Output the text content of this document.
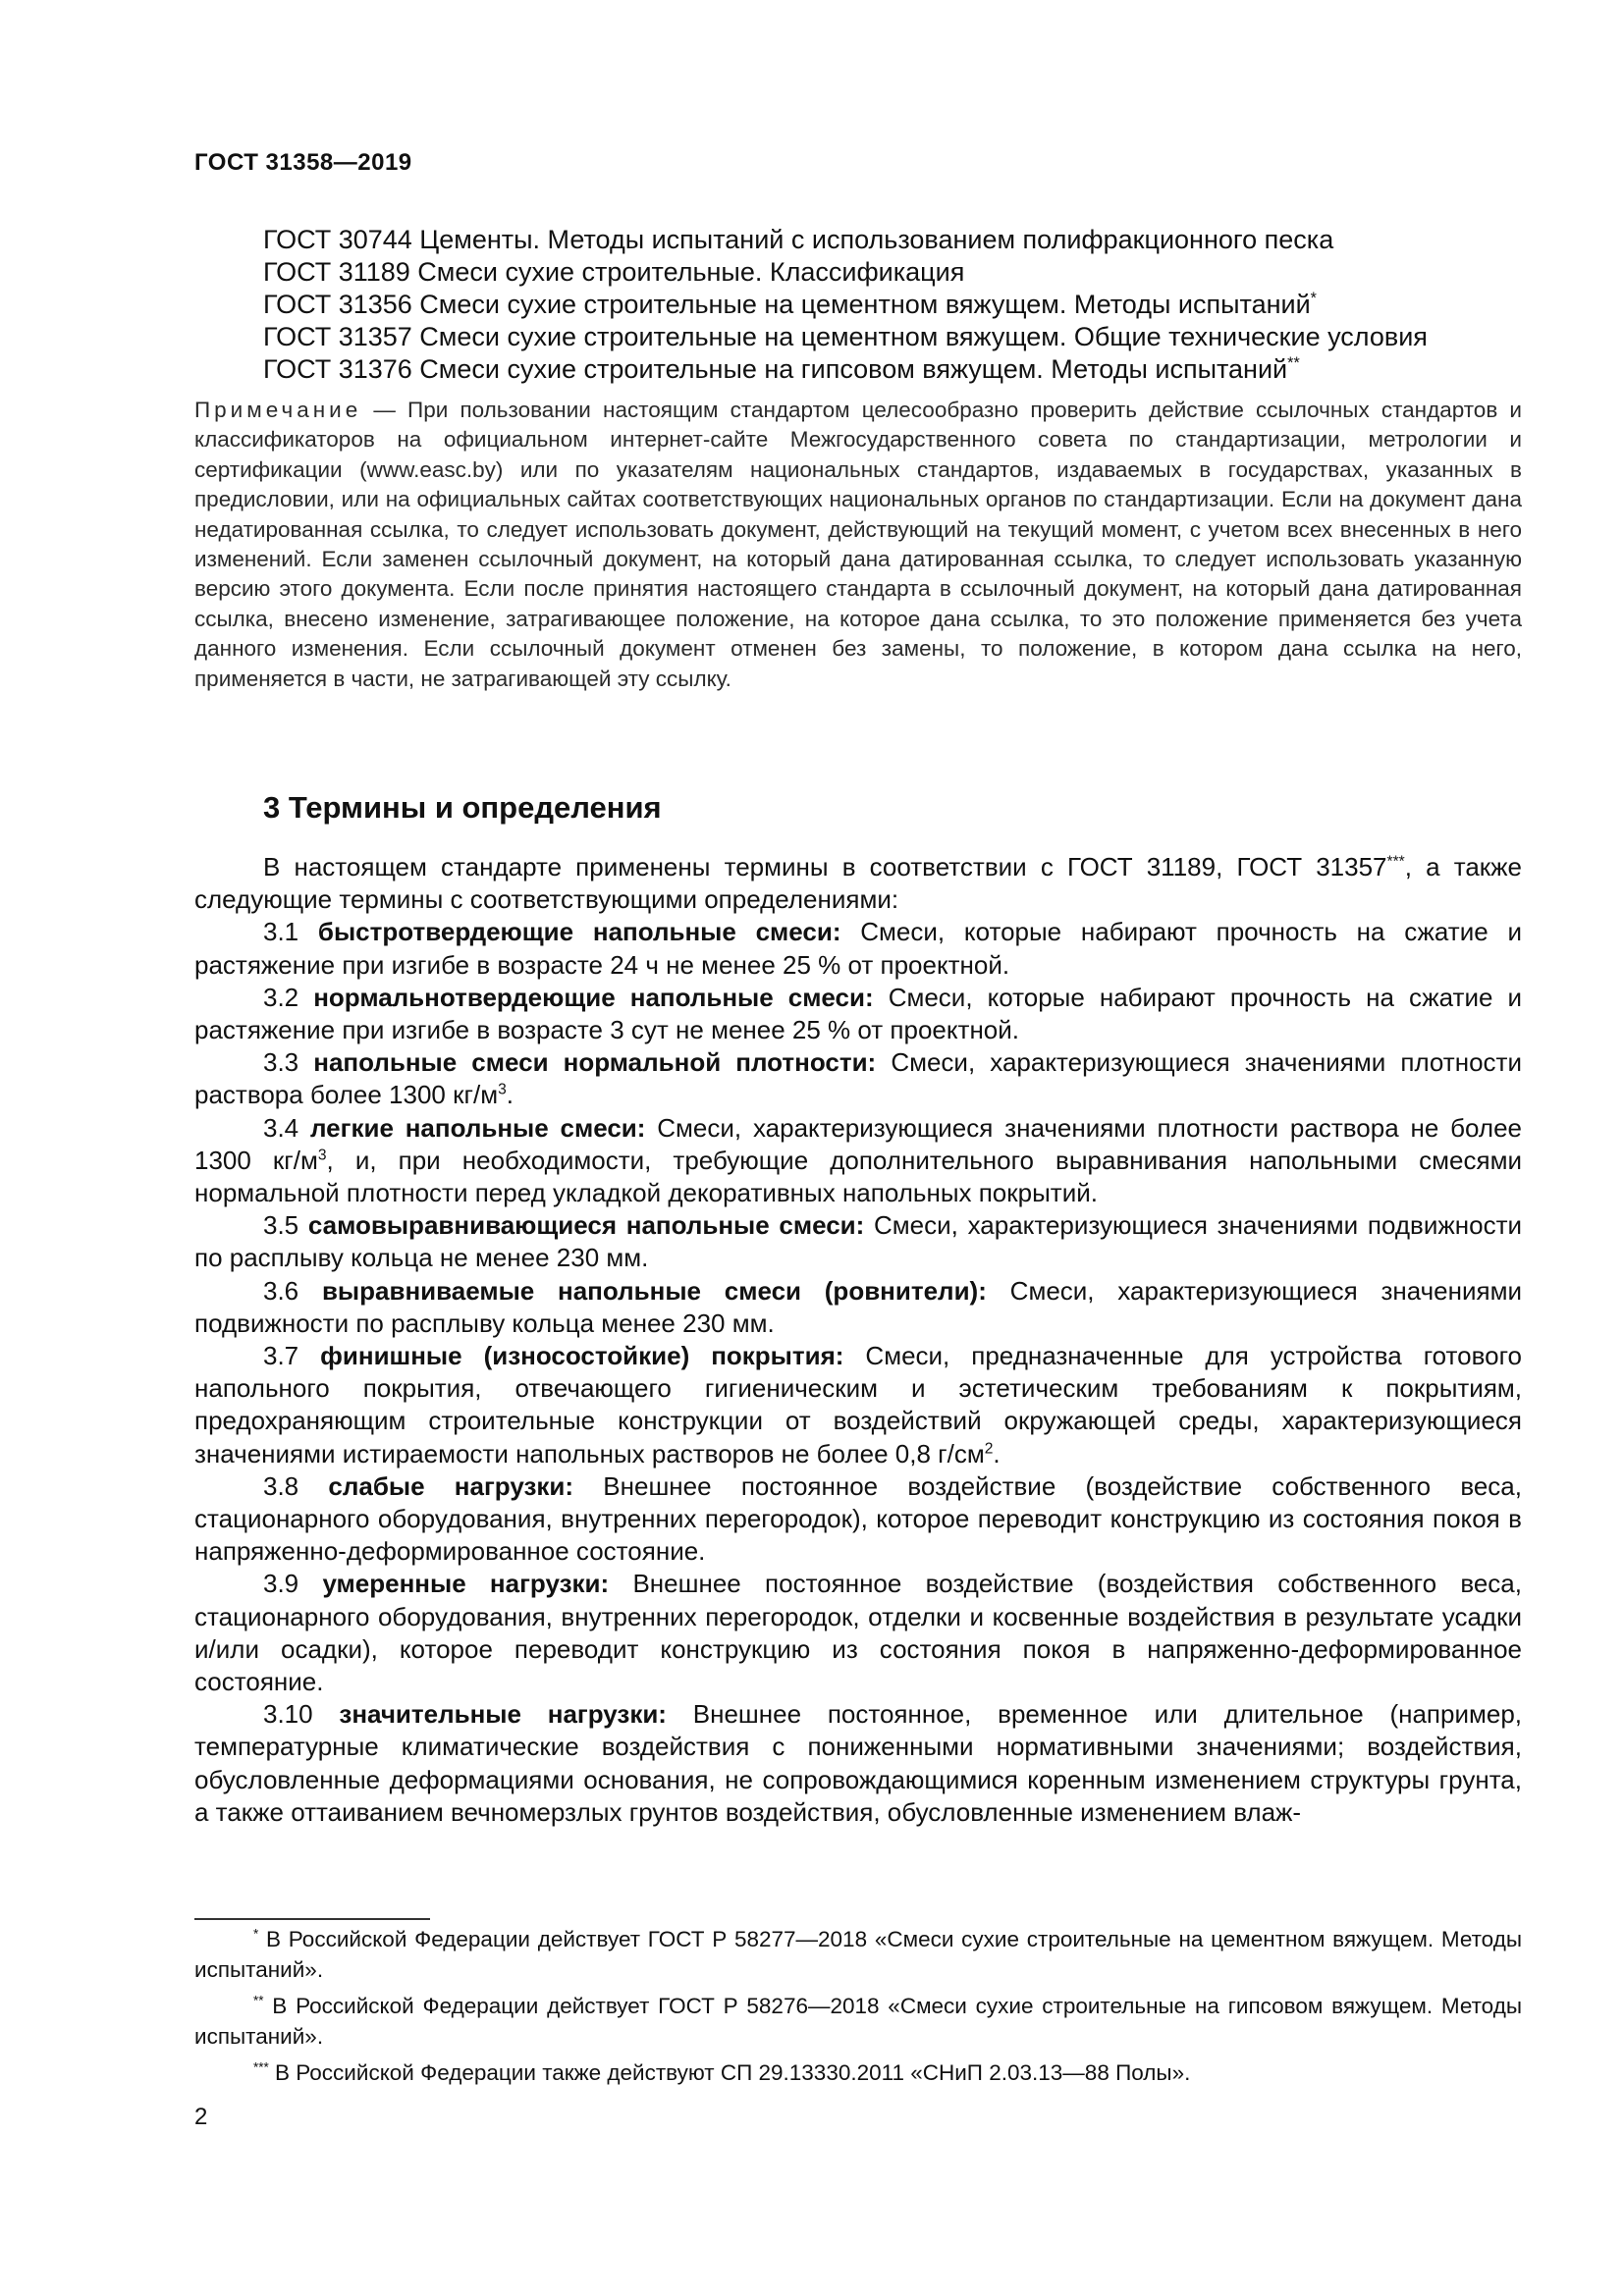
ГОСТ 31358—2019
ГОСТ 30744 Цементы. Методы испытаний с использованием полифракционного песка
ГОСТ 31189 Смеси сухие строительные. Классификация
ГОСТ 31356 Смеси сухие строительные на цементном вяжущем. Методы испытаний*
ГОСТ 31357 Смеси сухие строительные на цементном вяжущем. Общие технические условия
ГОСТ 31376 Смеси сухие строительные на гипсовом вяжущем. Методы испытаний**
Примечание — При пользовании настоящим стандартом целесообразно проверить действие ссылочных стандартов и классификаторов на официальном интернет-сайте Межгосударственного совета по стандартизации, метрологии и сертификации (www.easc.by) или по указателям национальных стандартов, издаваемых в государствах, указанных в предисловии, или на официальных сайтах соответствующих национальных органов по стандартизации. Если на документ дана недатированная ссылка, то следует использовать документ, действующий на текущий момент, с учетом всех внесенных в него изменений. Если заменен ссылочный документ, на который дана датированная ссылка, то следует использовать указанную версию этого документа. Если после принятия настоящего стандарта в ссылочный документ, на который дана датированная ссылка, внесено изменение, затрагивающее положение, на которое дана ссылка, то это положение применяется без учета данного изменения. Если ссылочный документ отменен без замены, то положение, в котором дана ссылка на него, применяется в части, не затрагивающей эту ссылку.
3 Термины и определения

В настоящем стандарте применены термины в соответствии с ГОСТ 31189, ГОСТ 31357***, а также следующие термины с соответствующими определениями:

3.1 быстротвердеющие напольные смеси: Смеси, которые набирают прочность на сжатие и растяжение при изгибе в возрасте 24 ч не менее 25 % от проектной.

3.2 нормальнотвердеющие напольные смеси: Смеси, которые набирают прочность на сжатие и растяжение при изгибе в возрасте 3 сут не менее 25 % от проектной.

3.3 напольные смеси нормальной плотности: Смеси, характеризующиеся значениями плотности раствора более 1300 $кг/м^3$.

3.4 легкие напольные смеси: Смеси, характеризующиеся значениями плотности раствора не более 1300 $кг/м^3$, и, при необходимости, требующие дополнительного выравнивания напольными смесями нормальной плотности перед укладкой декоративных напольных покрытий.

3.5 самовыравнивающиеся напольные смеси: Смеси, характеризующиеся значениями подвижности по расплыву кольца не менее 230 мм.

3.6 выравниваемые напольные смеси (ровнители): Смеси, характеризующиеся значениями подвижности по расплыву кольца менее 230 мм.

3.7 финишные (износостойкие) покрытия: Смеси, предназначенные для устройства готового напольного покрытия, отвечающего гигиеническим и эстетическим требованиям к покрытиям, предохраняющим строительные конструкции от воздействий окружающей среды, характеризующиеся значениями истираемости напольных растворов не более 0,8 $г/см^2$.

3.8 слабые нагрузки: Внешнее постоянное воздействие (воздействие собственного веса, стационарного оборудования, внутренних перегородок), которое переводит конструкцию из состояния покоя в напряженно-деформированное состояние.

3.9 умеренные нагрузки: Внешнее постоянное воздействие (воздействия собственного веса, стационарного оборудования, внутренних перегородок, отделки и косвенные воздействия в результате усадки и/или осадки), которое переводит конструкцию из состояния покоя в напряженно-деформированное состояние.

3.10 значительные нагрузки: Внешнее постоянное, временное или длительное (например, температурные климатические воздействия с пониженными нормативными значениями; воздействия, обусловленные деформациями основания, не сопровождающимися коренным изменением структуры грунта, а также оттаиванием вечномерзлых грунтов воздействия, обусловленные изменением влаж-

* В Российской Федерации действует ГОСТ Р 58277—2018 «Смеси сухие строительные на цементном вяжущем. Методы испытаний».

** В Российской Федерации действует ГОСТ Р 58276—2018 «Смеси сухие строительные на гипсовом вяжущем. Методы испытаний».

*** В Российской Федерации также действуют СП 29.13330.2011 «СНиП 2.03.13—88 Полы».

2
